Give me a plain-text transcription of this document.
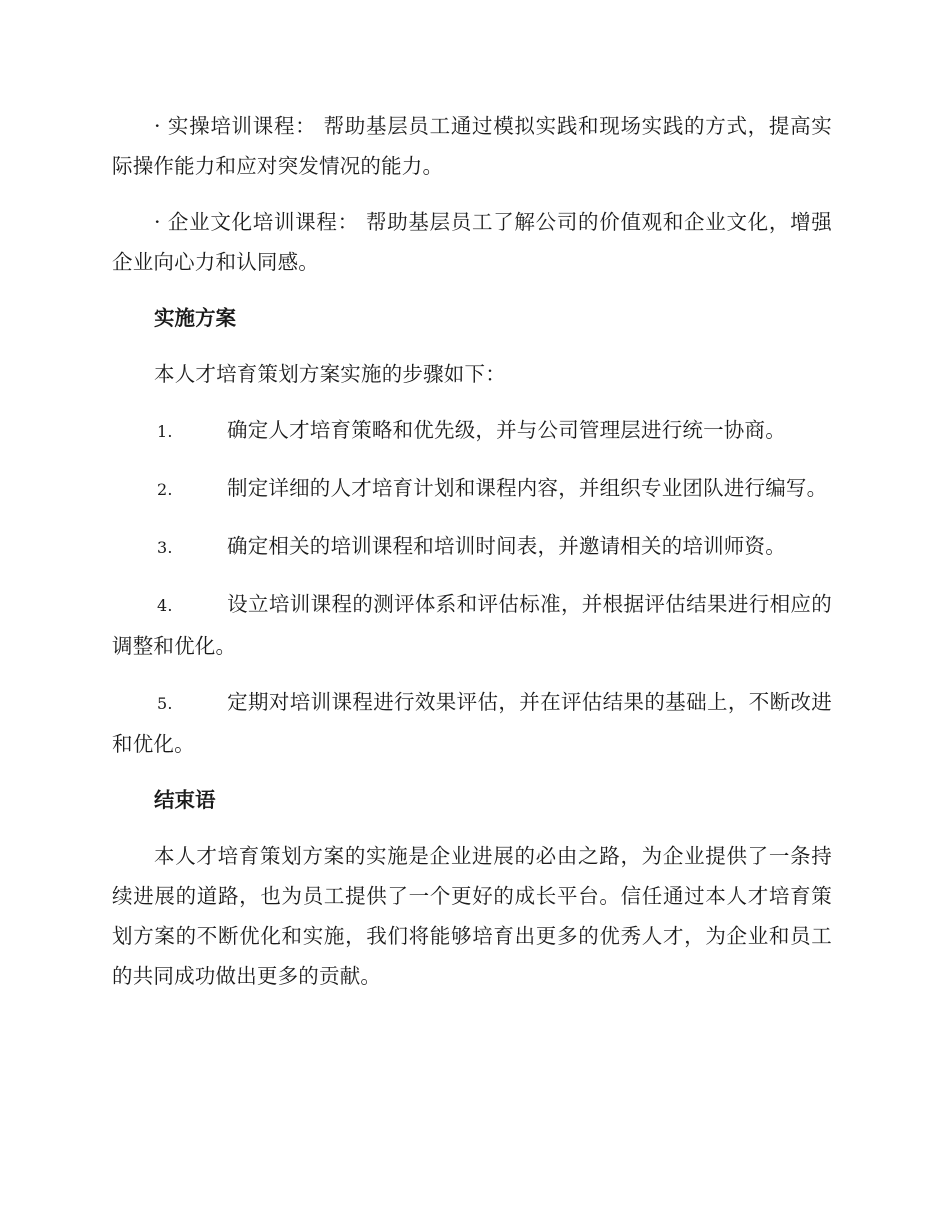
· 实操培训课程： 帮助基层员工通过模拟实践和现场实践的方式，提高实际操作能力和应对突发情况的能力。

· 企业文化培训课程： 帮助基层员工了解公司的价值观和企业文化，增强企业向心力和认同感。

实施方案

本人才培育策划方案实施的步骤如下：

1.	确定人才培育策略和优先级，并与公司管理层进行统一协商。

2.	制定详细的人才培育计划和课程内容，并组织专业团队进行编写。

3.	确定相关的培训课程和培训时间表，并邀请相关的培训师资。

4.	设立培训课程的测评体系和评估标准，并根据评估结果进行相应的调整和优化。

5.	定期对培训课程进行效果评估，并在评估结果的基础上，不断改进和优化。

结束语

本人才培育策划方案的实施是企业进展的必由之路，为企业提供了一条持续进展的道路，也为员工提供了一个更好的成长平台。信任通过本人才培育策划方案的不断优化和实施，我们将能够培育出更多的优秀人才，为企业和员工的共同成功做出更多的贡献。
